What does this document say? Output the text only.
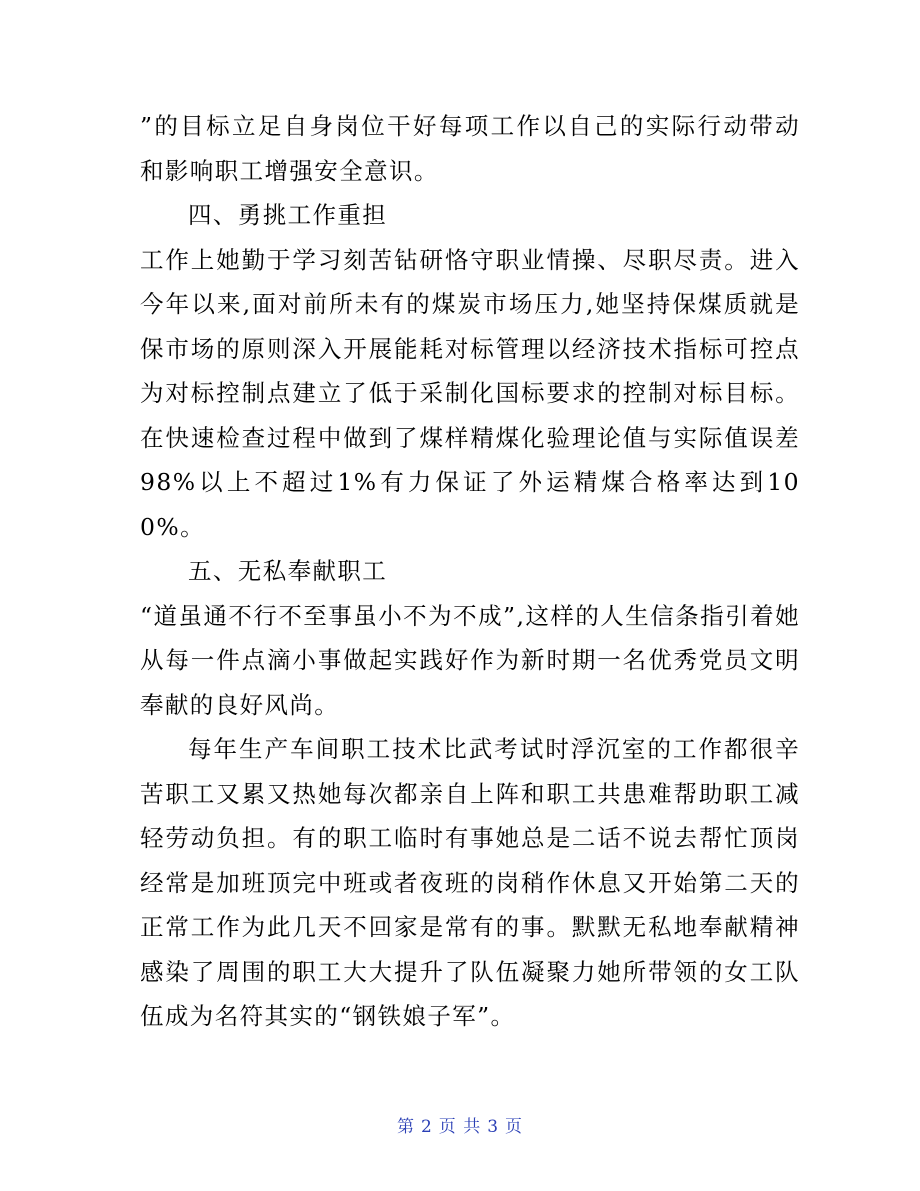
”的目标立足自身岗位干好每项工作以自己的实际行动带动和影响职工增强安全意识。

四、勇挑工作重担

工作上她勤于学习刻苦钻研恪守职业情操、尽职尽责。进入今年以来,面对前所未有的煤炭市场压力,她坚持保煤质就是保市场的原则深入开展能耗对标管理以经济技术指标可控点为对标控制点建立了低于采制化国标要求的控制对标目标。在快速检查过程中做到了煤样精煤化验理论值与实际值误差98%以上不超过1%有力保证了外运精煤合格率达到100%。

五、无私奉献职工

“道虽通不行不至事虽小不为不成”,这样的人生信条指引着她从每一件点滴小事做起实践好作为新时期一名优秀党员文明奉献的良好风尚。

每年生产车间职工技术比武考试时浮沉室的工作都很辛苦职工又累又热她每次都亲自上阵和职工共患难帮助职工减轻劳动负担。有的职工临时有事她总是二话不说去帮忙顶岗经常是加班顶完中班或者夜班的岗稍作休息又开始第二天的正常工作为此几天不回家是常有的事。默默无私地奉献精神感染了周围的职工大大提升了队伍凝聚力她所带领的女工队伍成为名符其实的“钢铁娘子军”。

第 2 页 共 3 页
